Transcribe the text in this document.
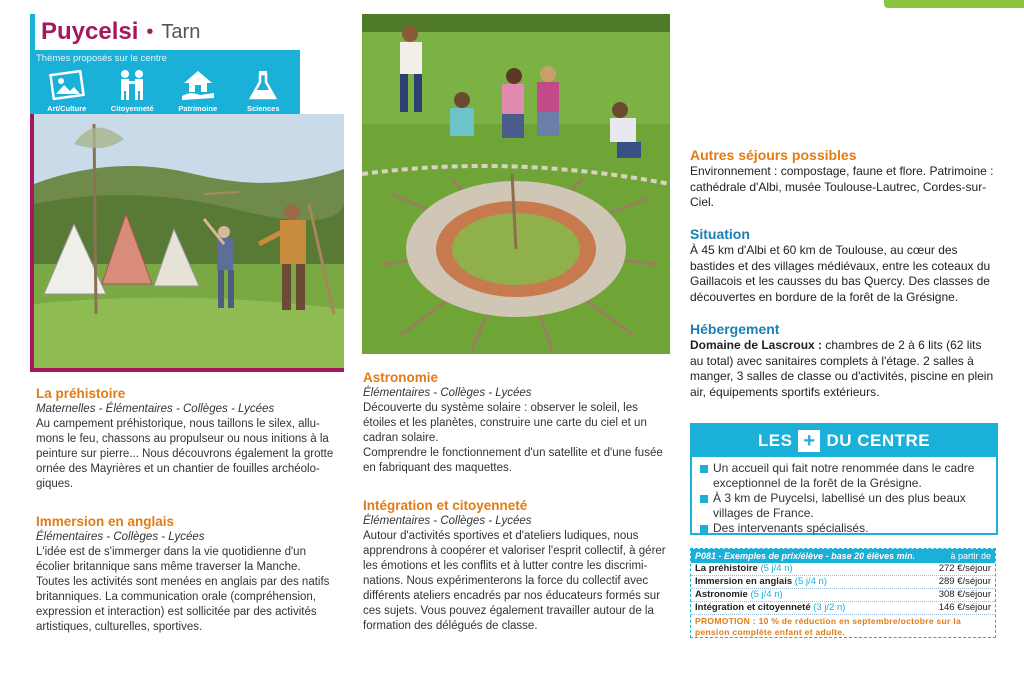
Puycelsi • Tarn
Thèmes proposés sur le centre
Art/Culture	Citoyenneté	Patrimoine	Sciences
La préhistoire
Maternelles - Élémentaires - Collèges - Lycées
Au campement préhistorique, nous taillons le silex, allu-
mons le feu, chassons au propulseur ou nous initions à la
peinture sur pierre... Nous découvrons également la grotte
ornée des Mayrières et un chantier de fouilles archéolo-
giques.
Immersion en anglais
Élémentaires - Collèges - Lycées
L'idée est de s'immerger dans la vie quotidienne d'un
écolier britannique sans même traverser la Manche.
Toutes les activités sont menées en anglais par des natifs
britanniques. La communication orale (compréhension,
expression et interaction) est sollicitée par des activités
artistiques, culturelles, sportives.
Astronomie
Élémentaires - Collèges - Lycées
Découverte du système solaire : observer le soleil, les
étoiles et les planètes, construire une carte du ciel et un
cadran solaire.
Comprendre le fonctionnement d'un satellite et d'une fusée
en fabriquant des maquettes.
Intégration et citoyenneté
Élémentaires - Collèges - Lycées
Autour d'activités sportives et d'ateliers ludiques, nous
apprendrons à coopérer et valoriser l'esprit collectif, à gérer
les émotions et les conflits et à lutter contre les discrimi-
nations. Nous expérimenterons la force du collectif avec
différents ateliers encadrés par nos éducateurs formés sur
ces sujets. Vous pouvez également travailler autour de la
formation des délégués de classe.
Autres séjours possibles
Environnement : compostage, faune et flore. Patrimoine :
cathédrale d'Albi, musée Toulouse-Lautrec, Cordes-sur-
Ciel.
Situation
À 45 km d'Albi et 60 km de Toulouse, au cœur des
bastides et des villages médiévaux, entre les coteaux du
Gaillacois et les causses du bas Quercy. Des classes de
découvertes en bordure de la forêt de la Grésigne.
Hébergement
Domaine de Lascroux : chambres de 2 à 6 lits (62 lits
au total) avec sanitaires complets à l'étage. 2 salles à
manger, 3 salles de classe ou d'activités, piscine en plein
air, équipements sportifs extérieurs.
LES + DU CENTRE
Un accueil qui fait notre renommée dans le cadre exceptionnel de la forêt de la Grésigne.
À 3 km de Puycelsi, labellisé un des plus beaux villages de France.
Des intervenants spécialisés.
P081 - Exemples de prix/élève - base 20 élèves min.	à partir de
La préhistoire (5 j/4 n)	272 €/séjour
Immersion en anglais (5 j/4 n)	289 €/séjour
Astronomie (5 j/4 n)	308 €/séjour
Intégration et citoyenneté (3 j/2 n)	146 €/séjour
PROMOTION : 10 % de réduction en septembre/octobre sur la pension complète enfant et adulte.
